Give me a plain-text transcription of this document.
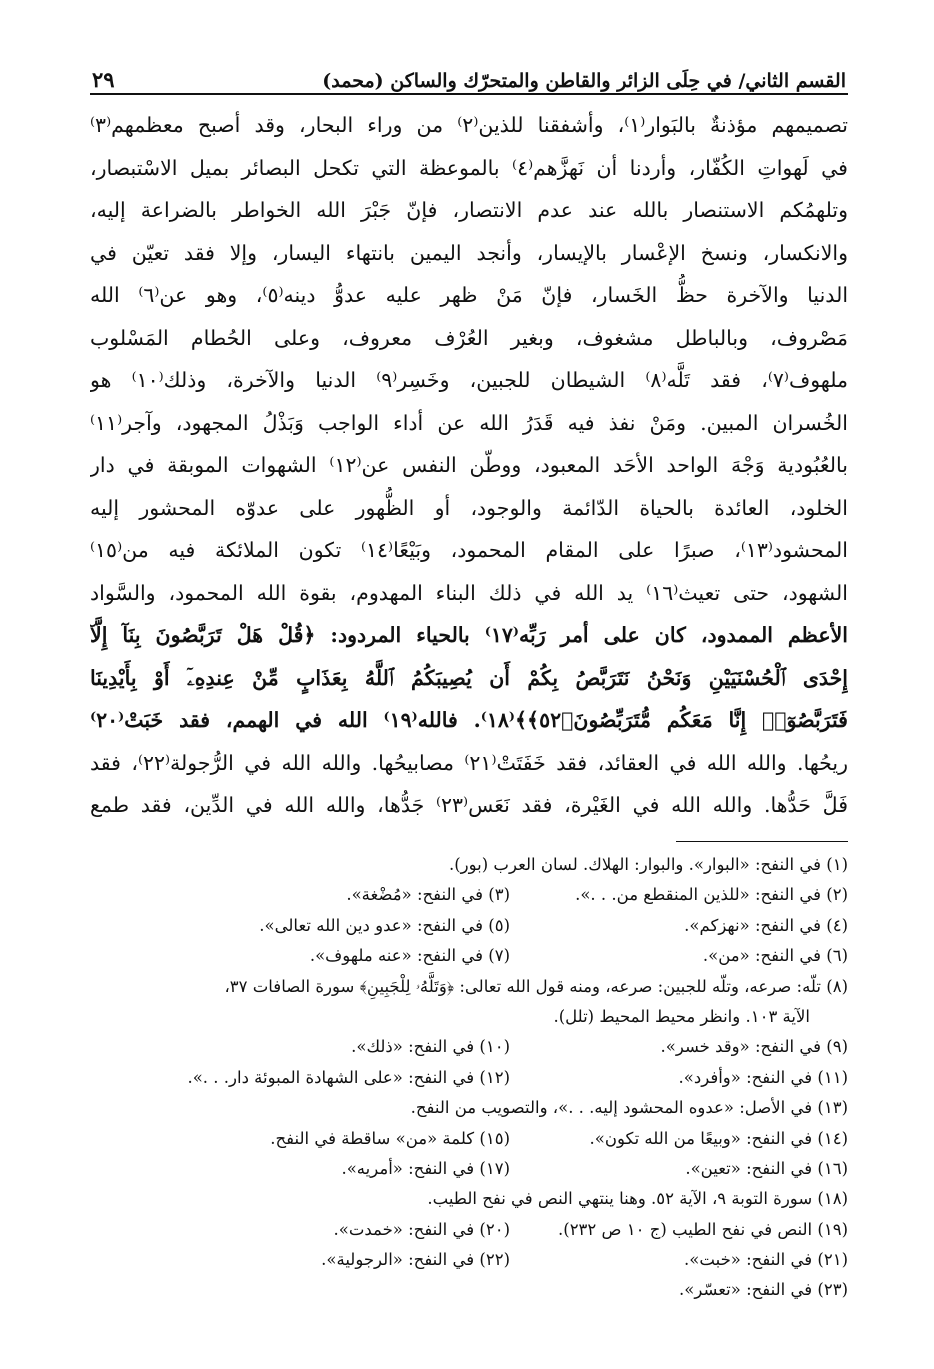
القسم الثاني/ في حِلَى الزائر والقاطن والمتحرّك والساكن (محمد)
٢٩
تصميمهم مؤذنةٌ بالبَوار⁽١⁾، وأشفقنا للذين⁽٢⁾ من وراء البحار، وقد أصبح معظمهم⁽٣⁾
في لَهواتِ الكُفّار، وأردنا أن نَهزَّهم⁽٤⁾ بالموعظة التي تكحل البصائر بميل الاسْتبصار،
وتلهمُكم الاستنصار بالله عند عدم الانتصار، فإنّ جَبْرَ الله الخواطر بالضراعة إليه،
والانكسار، ونسخ الإعْسار بالإيسار، وأنجد اليمين بانتهاء اليسار، وإلا فقد تعيّن في
الدنيا والآخرة حظُّ الخَسار، فإنّ مَنْ ظهر عليه عدوُّ دينه⁽٥⁾، وهو عن⁽٦⁾ الله
مَصْروف، وبالباطل مشغوف، وبغير العُرْف معروف، وعلى الحُطام المَسْلوب
ملهوف⁽٧⁾، فقد تَلَّه⁽٨⁾ الشيطان للجبين، وخَسِر⁽٩⁾ الدنيا والآخرة، وذلك⁽١٠⁾ هو
الخُسران المبين. ومَنْ نفذ فيه قَدَرُ الله عن أداء الواجب وَبَذْلُ المجهود، وآجر⁽١١⁾
بالعُبُودية وَجْهَ الواحد الأحَد المعبود، ووطّن النفس عن⁽١٢⁾ الشهوات الموبقة في دار
الخلود، العائدة بالحياة الدّائمة والوجود، أو الظُّهور على عدوّه المحشور إليه
المحشود⁽١٣⁾، صبرًا على المقام المحمود، وبَيْعًا⁽١٤⁾ تكون الملائكة فيه من⁽١٥⁾
الشهود، حتى تعيث⁽١٦⁾ يد الله في ذلك البناء المهدوم، بقوة الله المحمود، والسَّواد
الأعظم الممدود، كان على أمر رَبِّه⁽١٧⁾ بالحياء المردود: ﴿قُلْ هَلْ تَرَبَّصُونَ بِنَآ إِلَّآ
إِحْدَى ٱلْحُسْنَيَيْنِ وَنَحْنُ نَتَرَبَّصُ بِكُمْ أَن يُصِيبَكُمُ ٱللَّهُ بِعَذَابٍ مِّنْ عِندِهِۦٓ أَوْ بِأَيْدِينَا
فَتَرَبَّصُوٓا۟ إِنَّا مَعَكُم مُّتَرَبِّصُونَ﴿٥٢﴾﴾⁽١٨⁾. فالله⁽١٩⁾ الله في الهمم، فقد خَبَتْ⁽٢٠⁾
ريحُها. والله الله في العقائد، فقد خَفَتَتْ⁽٢١⁾ مصابيحُها. والله الله في الرُّجولة⁽٢٢⁾، فقد
فَلَّ حَدُّها. والله الله في الغَيْرة، فقد نَعَس⁽٢٣⁾ جَدُّها، والله الله في الدِّين، فقد طمع
(١) في النفح: «البوار». والبوار: الهلاك. لسان العرب (بور).
(٢) في النفح: «للذين المنقطع من. . .».
(٣) في النفح: «مُضْغة».
(٤) في النفح: «نهزكم».
(٥) في النفح: «عدو دين الله تعالى».
(٦) في النفح: «من».
(٧) في النفح: «عنه ملهوف».
(٨) تلّه: صرعه، وتلّه للجبين: صرعه، ومنه قول الله تعالى: ﴿وَتَلَّهُۥ لِلْجَبِينِ﴾ سورة الصافات ٣٧،
الآية ١٠٣. وانظر محيط المحيط (تلل).
(٩) في النفح: «وقد خسر».
(١٠) في النفح: «ذلك».
(١١) في النفح: «وأفرد».
(١٢) في النفح: «على الشهادة المبوئة دار. . .».
(١٣) في الأصل: «عدوه المحشود إليه. . .»، والتصويب من النفح.
(١٤) في النفح: «وبيعًا من الله تكون».
(١٥) كلمة «من» ساقطة في النفح.
(١٦) في النفح: «تعين».
(١٧) في النفح: «أمريه».
(١٨) سورة التوبة ٩، الآية ٥٢. وهنا ينتهي النص في نفح الطيب.
(١٩) النص في نفح الطيب (ج ١٠ ص ٢٣٢).
(٢٠) في النفح: «خمدت».
(٢١) في النفح: «خبت».
(٢٢) في النفح: «الرجولية».
(٢٣) في النفح: «تعسّر».
